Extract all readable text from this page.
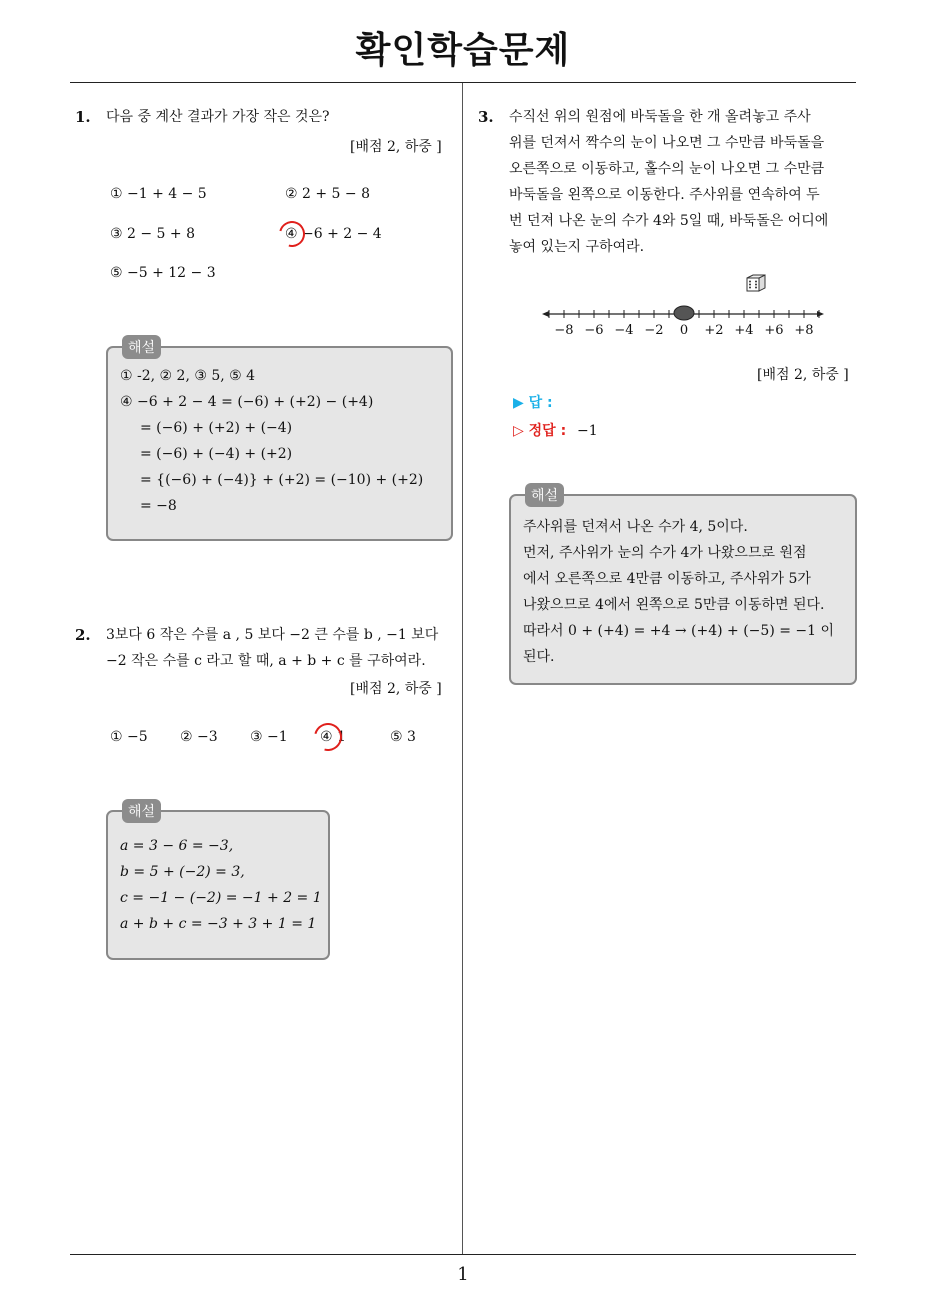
확인학습문제
1. 다음 중 계산 결과가 가장 작은 것은?
[배점 2, 하중 ]
① −1 + 4 − 5	② 2 + 5 − 8
③ 2 − 5 + 8	④ −6 + 2 − 4
⑤ −5 + 12 − 3
해설
① -2, ② 2, ③ 5, ⑤ 4
④ −6 + 2 − 4 = (−6) + (+2) − (+4)
= (−6) + (+2) + (−4)
= (−6) + (−4) + (+2)
= {(−6) + (−4)} + (+2) = (−10) + (+2)
= −8
2. 3보다 6 작은 수를 a , 5 보다 −2 큰 수를 b , −1 보다
−2 작은 수를 c 라고 할 때, a + b + c 를 구하여라.
[배점 2, 하중 ]
① −5 ② −3 ③ −1 ④ 1	⑤ 3
해설
a = 3 − 6 = −3,
b = 5 + (−2) = 3,
c = −1 − (−2) = −1 + 2 = 1
a + b + c = −3 + 3 + 1 = 1
3. 수직선 위의 원점에 바둑돌을 한 개 올려놓고 주사
위를 던져서 짝수의 눈이 나오면 그 수만큼 바둑돌을
오른쪽으로 이동하고, 홀수의 눈이 나오면 그 수만큼
바둑돌을 왼쪽으로 이동한다. 주사위를 연속하여 두
번 던져 나온 눈의 수가 4와 5일 때, 바둑돌은 어디에
놓여 있는지 구하여라.
−8 −6 −4 −2 0 +2 +4 +6 +8
[배점 2, 하중 ]
▶ 답 :
▷ 정답 : −1
해설
주사위를 던져서 나온 수가 4, 5이다.
먼저, 주사위가 눈의 수가 4가 나왔으므로 원점
에서 오른쪽으로 4만큼 이동하고, 주사위가 5가
나왔으므로 4에서 왼쪽으로 5만큼 이동하면 된다.
따라서 0 + (+4) = +4 → (+4) + (−5) = −1 이
된다.
1
